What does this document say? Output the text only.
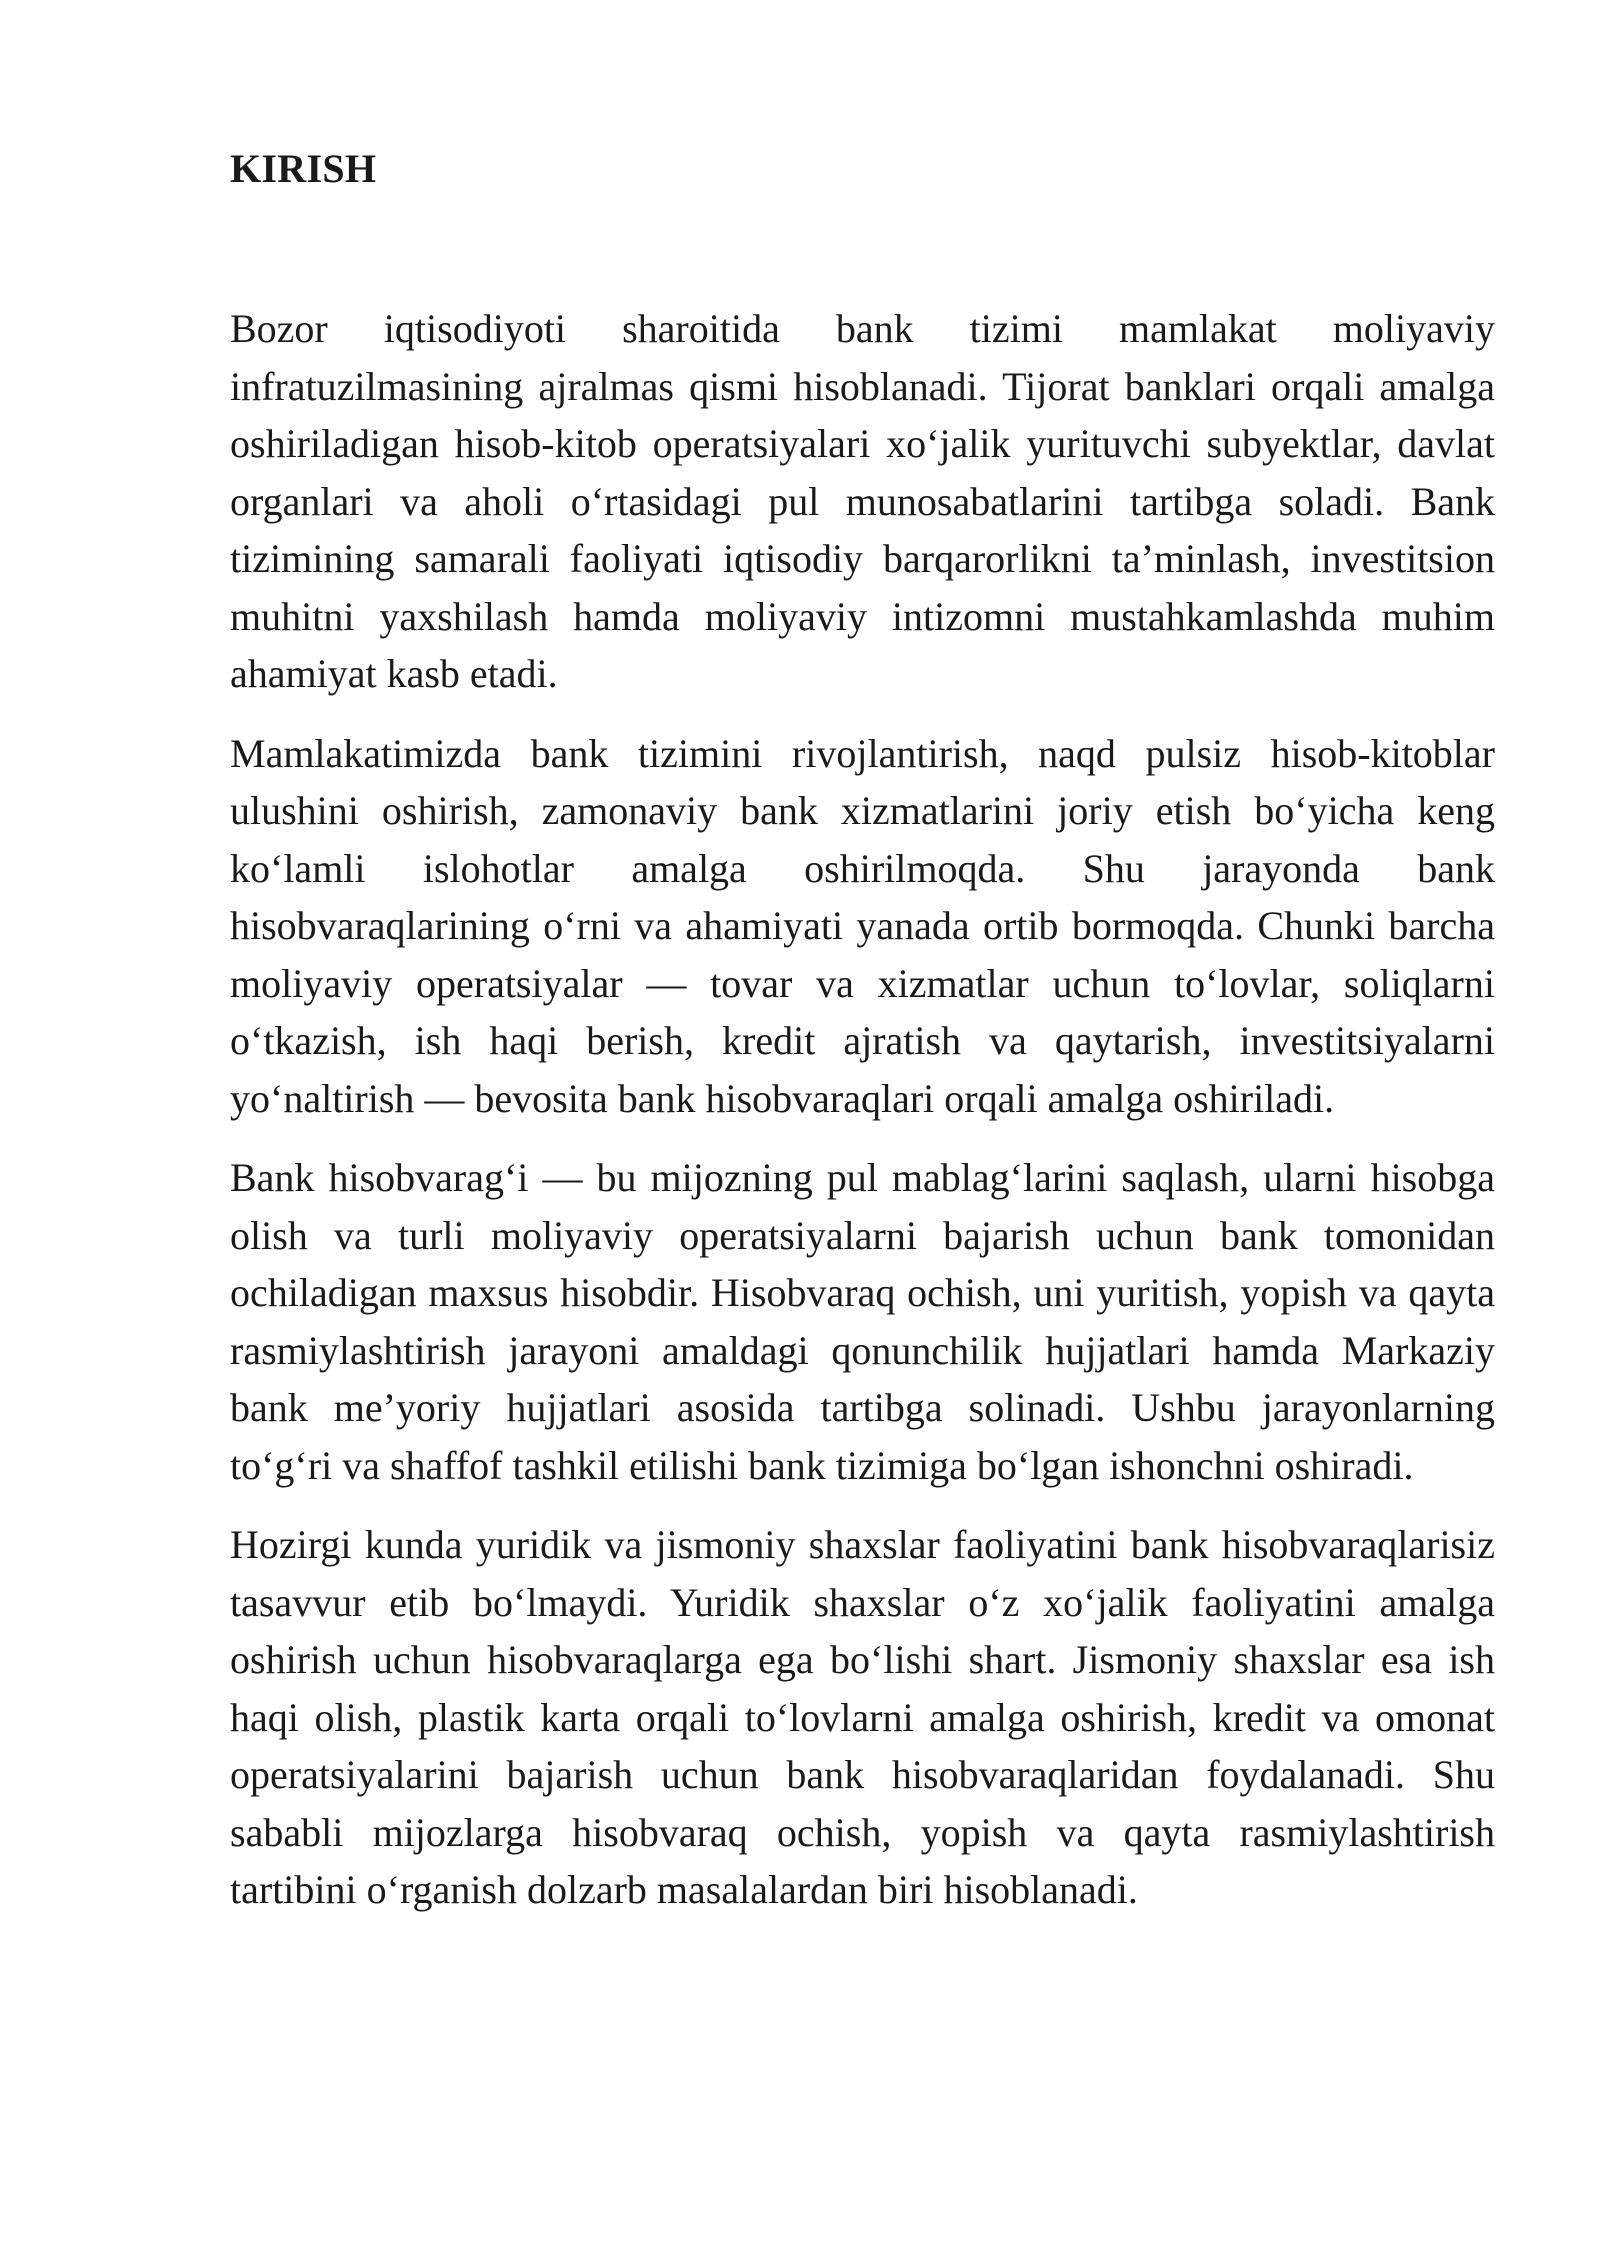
KIRISH

Bozor iqtisodiyoti sharoitida bank tizimi mamlakat moliyaviy infratuzilmasining ajralmas qismi hisoblanadi. Tijorat banklari orqali amalga oshiriladigan hisob-kitob operatsiyalari xo‘jalik yurituvchi subyektlar, davlat organlari va aholi o‘rtasidagi pul munosabatlarini tartibga soladi. Bank tizimining samarali faoliyati iqtisodiy barqarorlikni ta’minlash, investitsion muhitni yaxshilash hamda moliyaviy intizomni mustahkamlashda muhim ahamiyat kasb etadi.

Mamlakatimizda bank tizimini rivojlantirish, naqd pulsiz hisob-kitoblar ulushini oshirish, zamonaviy bank xizmatlarini joriy etish bo‘yicha keng ko‘lamli islohotlar amalga oshirilmoqda. Shu jarayonda bank hisobvaraqlarining o‘rni va ahamiyati yanada ortib bormoqda. Chunki barcha moliyaviy operatsiyalar — tovar va xizmatlar uchun to‘lovlar, soliqlarni o‘tkazish, ish haqi berish, kredit ajratish va qaytarish, investitsiyalarni yo‘naltirish — bevosita bank hisobvaraqlari orqali amalga oshiriladi.

Bank hisobvarag‘i — bu mijozning pul mablag‘larini saqlash, ularni hisobga olish va turli moliyaviy operatsiyalarni bajarish uchun bank tomonidan ochiladigan maxsus hisobdir. Hisobvaraq ochish, uni yuritish, yopish va qayta rasmiylashtirish jarayoni amaldagi qonunchilik hujjatlari hamda Markaziy bank me’yoriy hujjatlari asosida tartibga solinadi. Ushbu jarayonlarning to‘g‘ri va shaffof tashkil etilishi bank tizimiga bo‘lgan ishonchni oshiradi.

Hozirgi kunda yuridik va jismoniy shaxslar faoliyatini bank hisobvaraqlarisiz tasavvur etib bo‘lmaydi. Yuridik shaxslar o‘z xo‘jalik faoliyatini amalga oshirish uchun hisobvaraqlarga ega bo‘lishi shart. Jismoniy shaxslar esa ish haqi olish, plastik karta orqali to‘lovlarni amalga oshirish, kredit va omonat operatsiyalarini bajarish uchun bank hisobvaraqlaridan foydalanadi. Shu sababli mijozlarga hisobvaraq ochish, yopish va qayta rasmiylashtirish tartibini o‘rganish dolzarb masalalardan biri hisoblanadi.
